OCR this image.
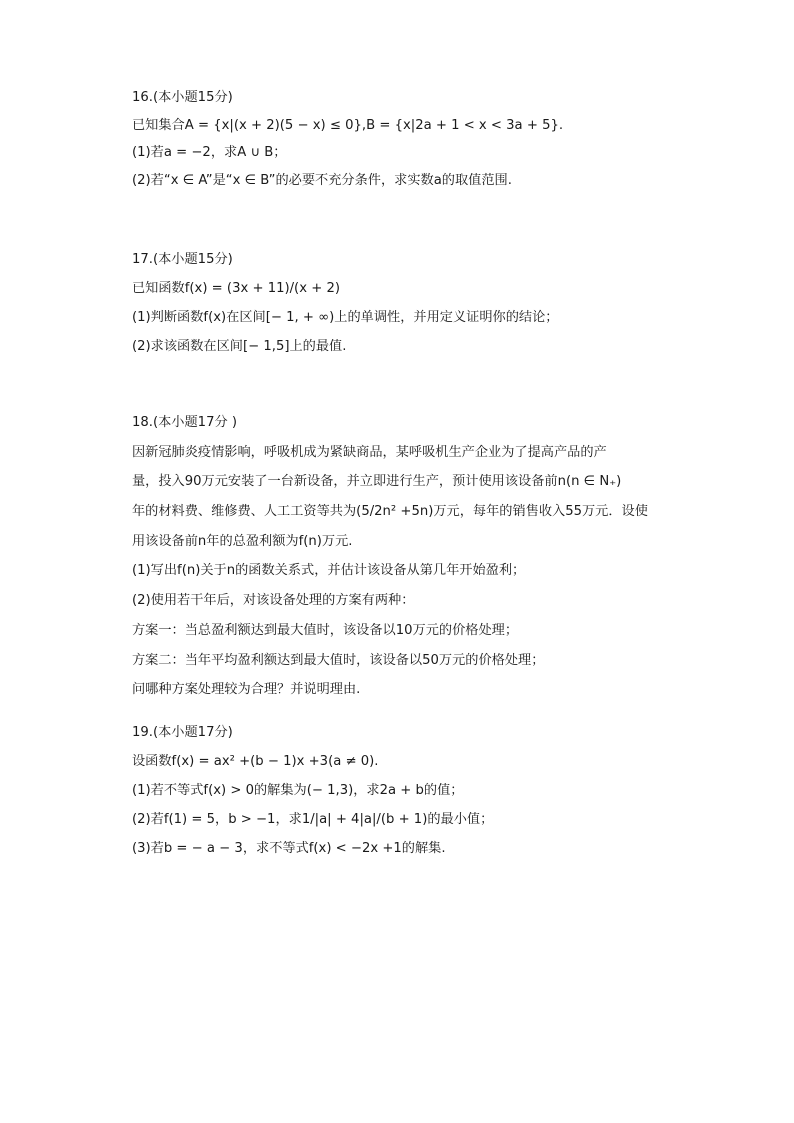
16.(本小题15分)

已知集合A = {x|(x + 2)(5 − x) ≤ 0},B = {x|2a + 1 < x < 3a + 5}.

(1)若a = −2，求A ∪ B；

(2)若“x ∈ A”是“x ∈ B”的必要不充分条件，求实数a的取值范围.

17.(本小题15分)

已知函数f(x) = (3x + 11)/(x + 2)

(1)判断函数f(x)在区间[− 1, + ∞)上的单调性，并用定义证明你的结论；

(2)求该函数在区间[− 1,5]上的最值.

18.(本小题17分 )

因新冠肺炎疫情影响，呼吸机成为紧缺商品，某呼吸机生产企业为了提高产品的产

量，投入90万元安装了一台新设备，并立即进行生产，预计使用该设备前n(n ∈ N₊)

年的材料费、维修费、人工工资等共为(5/2n² +5n)万元，每年的销售收入55万元．设使

用该设备前n年的总盈利额为f(n)万元.

(1)写出f(n)关于n的函数关系式，并估计该设备从第几年开始盈利；

(2)使用若干年后，对该设备处理的方案有两种：

方案一：当总盈利额达到最大值时，该设备以10万元的价格处理；

方案二：当年平均盈利额达到最大值时，该设备以50万元的价格处理；

问哪种方案处理较为合理？并说明理由.

19.(本小题17分)

设函数f(x) = ax² +(b − 1)x +3(a ≠ 0).

(1)若不等式f(x) > 0的解集为(− 1,3)，求2a + b的值；

(2)若f(1) = 5，b > −1，求1/|a| + 4|a|/(b + 1)的最小值；

(3)若b = − a − 3，求不等式f(x) < −2x +1的解集.
